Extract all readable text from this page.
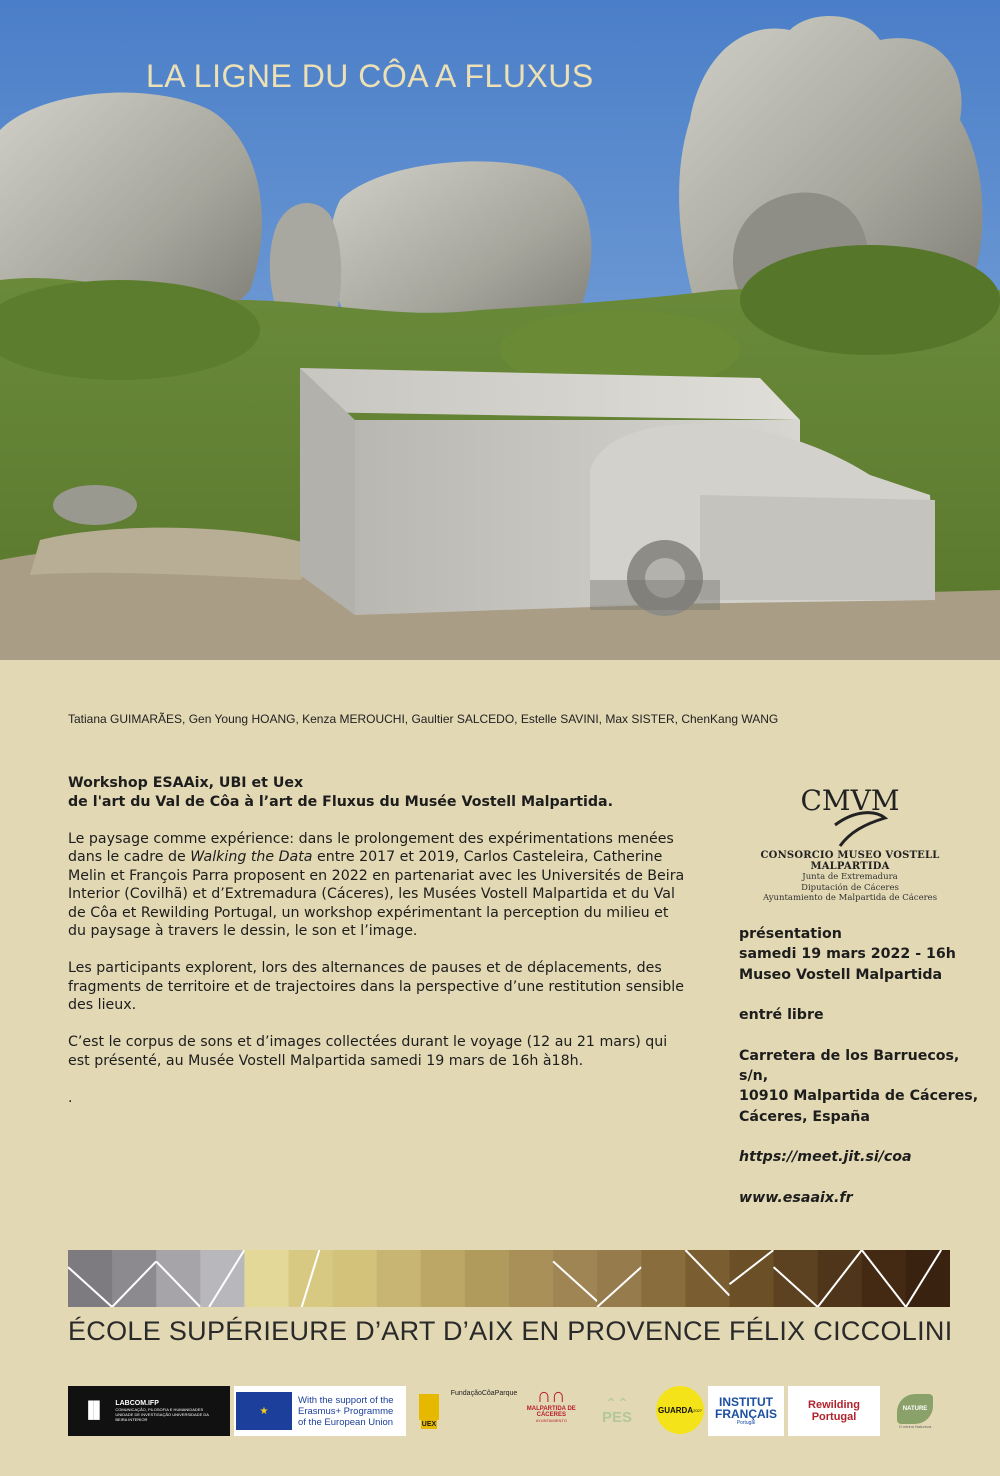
LA LIGNE DU CÔA A FLUXUS
Tatiana GUIMARÃES, Gen Young HOANG, Kenza MEROUCHI, Gaultier SALCEDO, Estelle SAVINI, Max SISTER, ChenKang WANG
Workshop ESAAix, UBI et Uex
de l'art du Val de Côa à l’art de Fluxus du Musée Vostell Malpartida.

Le paysage comme expérience: dans le prolongement des expérimentations menées dans le cadre de Walking the Data entre 2017 et 2019, Carlos Casteleira, Catherine Melin et François Parra proposent en 2022 en partenariat avec les Universités de Beira Interior (Covilhã) et d’Extremadura (Cáceres), les Musées Vostell Malpartida et du Val de Côa et Rewilding Portugal, un workshop expérimentant la perception du milieu et du paysage à travers le dessin, le son et l’image.

Les participants explorent, lors des alternances de pauses et de déplacements, des fragments de territoire et de trajectoires dans la perspective d’une restitution sensible des lieux.

C’est le corpus de sons et d’images collectées durant le voyage (12 au 21 mars) qui est présenté, au Musée Vostell Malpartida samedi 19 mars de 16h à18h.

.

CMVM
CONSORCIO MUSEO VOSTELL MALPARTIDA
Junta de Extremadura
Diputación de Cáceres
Ayuntamiento de Malpartida de Cáceres
présentation
samedi 19 mars 2022 - 16h
Museo Vostell Malpartida
entré libre
Carretera de los Barruecos, s/n,
10910 Malpartida de Cáceres,
Cáceres, España
https://meet.jit.si/coa
www.esaaix.fr
ÉCOLE SUPÉRIEURE D’ART D’AIX EN PROVENCE FÉLIX CICCOLINI
▐▌ LABCOM.IFP
COMUNICAÇÃO, FILOSOFIA E HUMANIDADES UNIDADE DE INVESTIGAÇÃO UNIVERSIDADE DA BEIRA INTERIOR
★
With the support of the Erasmus+ Programme of the European Union	UEX
FundaçãoCôaParque ∩∩
MALPARTIDA DE CÁCERES
AYUNTAMIENTO
⌃⌃
PES	GUARDA 2027
INSTITUT
FRANÇAIS
Portugal
Rewilding
Portugal
NATURE
O minha Natureza
